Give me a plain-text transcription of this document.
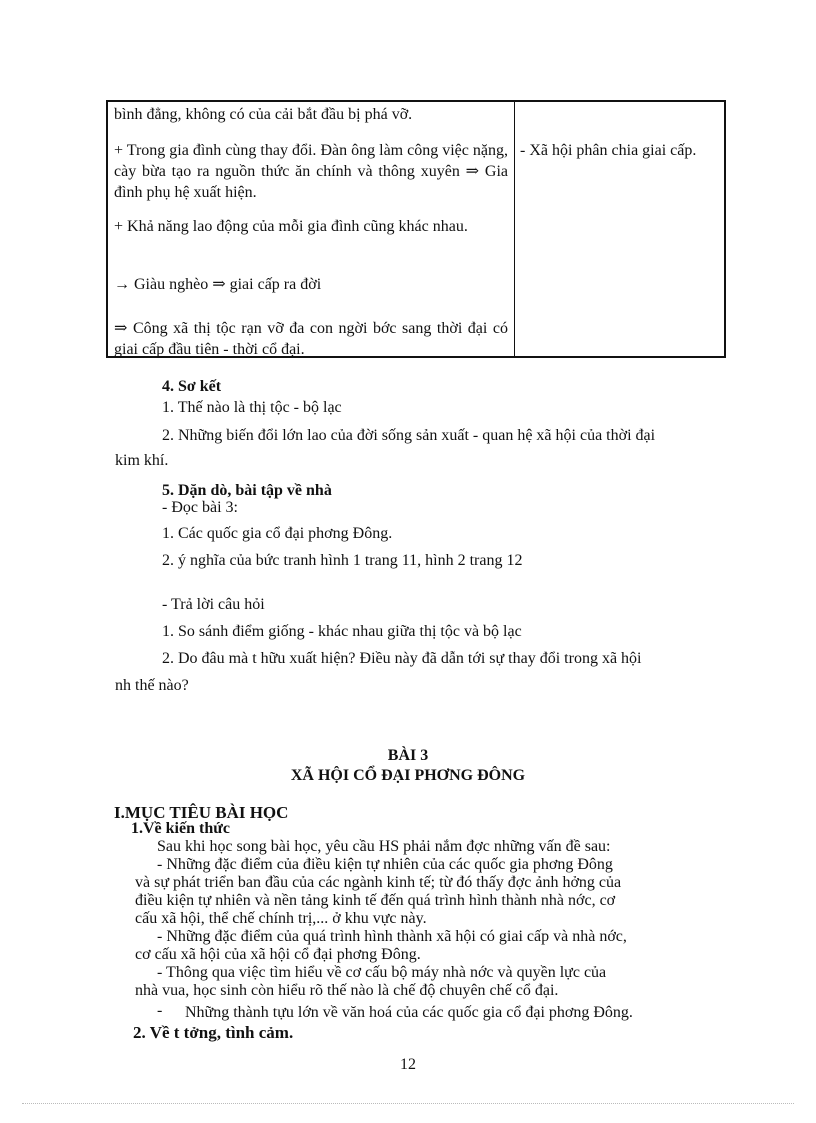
bình đẳng, không có của cải bắt đầu bị phá vỡ.

+ Trong gia đình cùng thay đổi. Đàn ông làm công việc nặng, cày bừa tạo ra nguồn thức ăn chính và thông xuyên ⇒ Gia đình phụ hệ xuất hiện.

+ Khả năng lao động của mỗi gia đình cũng khác nhau.

→ Giàu nghèo ⇒ giai cấp ra đời

⇒ Công xã thị tộc rạn vỡ đa con ngời bớc sang thời đại có giai cấp đầu tiên - thời cổ đại.

- Xã hội phân chia giai cấp.
4. Sơ kết
1. Thế nào là thị tộc - bộ lạc
2. Những biến đổi lớn lao của đời sống sản xuất - quan hệ xã hội của thời đại
kim khí.
5. Dặn dò, bài tập về nhà
- Đọc bài 3:
1. Các quốc gia cổ đại phơng Đông.
2. ý nghĩa của bức tranh hình 1 trang 11, hình 2 trang 12
- Trả lời câu hỏi
1. So sánh điểm giống - khác nhau giữa thị tộc và bộ lạc
2. Do đâu mà t hữu xuất hiện? Điều này đã dẫn tới sự thay đổi trong xã hội
nh thế nào?
BÀI 3
XÃ HỘI CỔ ĐẠI PHƠNG ĐÔNG
I.MỤC TIÊU BÀI HỌC
1.Về kiến thức
Sau khi học song bài học, yêu cầu HS phải nắm đợc những vấn đề sau:
- Những đặc điểm của điều kiện tự nhiên của các quốc gia phơng Đông
và sự phát triển ban đầu của các ngành kinh tế; từ đó thấy đợc ảnh hởng của
điều kiện tự nhiên và nền tảng kinh tế đến quá trình hình thành nhà nớc, cơ
cấu xã hội, thể chế chính trị,... ở khu vực này.
- Những đặc điểm của quá trình hình thành xã hội có giai cấp và nhà nớc,
cơ cấu xã hội của xã hội cổ đại phơng Đông.
- Thông qua việc tìm hiểu về cơ cấu bộ máy nhà nớc và quyền lực của
nhà vua, học sinh còn hiểu rõ thế nào là chế độ chuyên chế cổ đại.
- Những thành tựu lớn về văn hoá của các quốc gia cổ đại phơng Đông.
2. Về t tởng, tình cảm.
12
